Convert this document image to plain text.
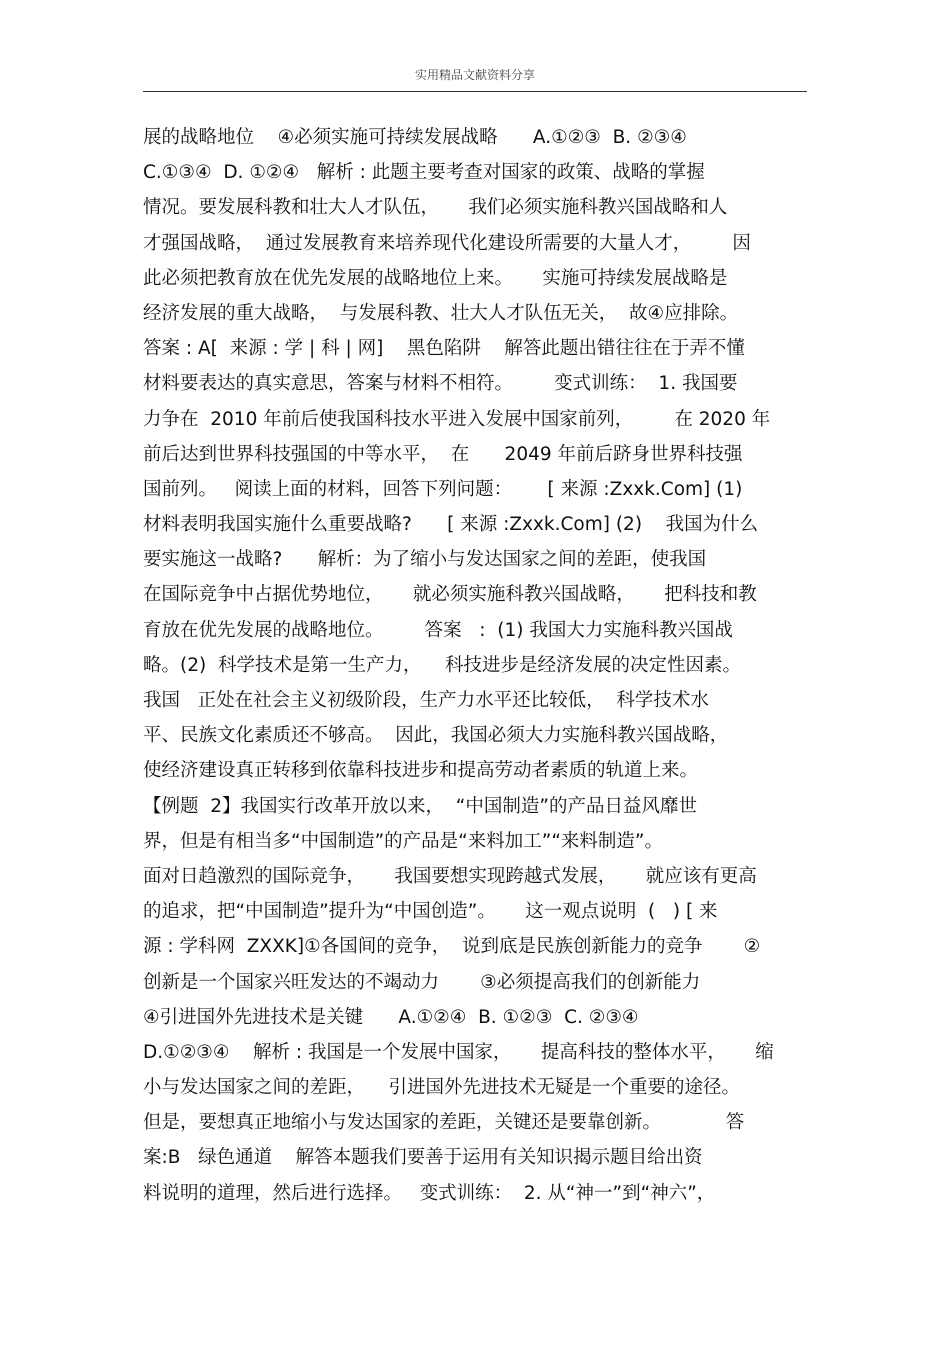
实用精品文献资料分享
展的战略地位    ④必须实施可持续发展战略      A.①②③  B. ②③④
C.①③④  D. ①②④   解析 : 此题主要考查对国家的政策、战略的掌握
情况。要发展科教和壮大人才队伍，     我们必须实施科教兴国战略和人
才强国战略，  通过发展教育来培养现代化建设所需要的大量人才，       因
此必须把教育放在优先发展的战略地位上来。     实施可持续发展战略是
经济发展的重大战略，  与发展科教、壮大人才队伍无关，  故④应排除。
答案 : A[  来源 : 学 | 科 | 网]    黑色陷阱    解答此题出错往往在于弄不懂
材料要表达的真实意思，答案与材料不相符。       变式训练：  1. 我国要
力争在  2010 年前后使我国科技水平进入发展中国家前列，       在 2020 年
前后达到世界科技强国的中等水平，  在      2049 年前后跻身世界科技强
国前列。   阅读上面的材料，回答下列问题：      [ 来源 :Zxxk.Com] (1)
材料表明我国实施什么重要战略?      [ 来源 :Zxxk.Com] (2)    我国为什么
要实施这一战略?      解析：为了缩小与发达国家之间的差距，使我国
在国际竞争中占据优势地位，     就必须实施科教兴国战略，     把科技和教
育放在优先发展的战略地位。       答案   :  (1) 我国大力实施科教兴国战
略。(2)  科学技术是第一生产力，    科技进步是经济发展的决定性因素。
我国   正处在社会主义初级阶段，生产力水平还比较低，  科学技术水
平、民族文化素质还不够高。  因此，我国必须大力实施科教兴国战略，
使经济建设真正转移到依靠科技进步和提高劳动者素质的轨道上来。
【例题  2】我国实行改革开放以来，  “中国制造”的产品日益风靡世
界，但是有相当多“中国制造”的产品是“来料加工”“来料制造”。
面对日趋激烈的国际竞争，     我国要想实现跨越式发展，     就应该有更高
的追求，把“中国制造”提升为“中国创造”。     这一观点说明  (   ) [ 来
源 : 学科网  ZXXK]①各国间的竞争，  说到底是民族创新能力的竞争       ②
创新是一个国家兴旺发达的不竭动力       ③必须提高我们的创新能力
④引进国外先进技术是关键      A.①②④  B. ①②③  C. ②③④
D.①②③④    解析 : 我国是一个发展中国家，     提高科技的整体水平，     缩
小与发达国家之间的差距，    引进国外先进技术无疑是一个重要的途径。
但是，要想真正地缩小与发达国家的差距，关键还是要靠创新。           答
案:B   绿色通道    解答本题我们要善于运用有关知识揭示题目给出资
料说明的道理，然后进行选择。   变式训练：  2. 从“神一”到“神六”，
